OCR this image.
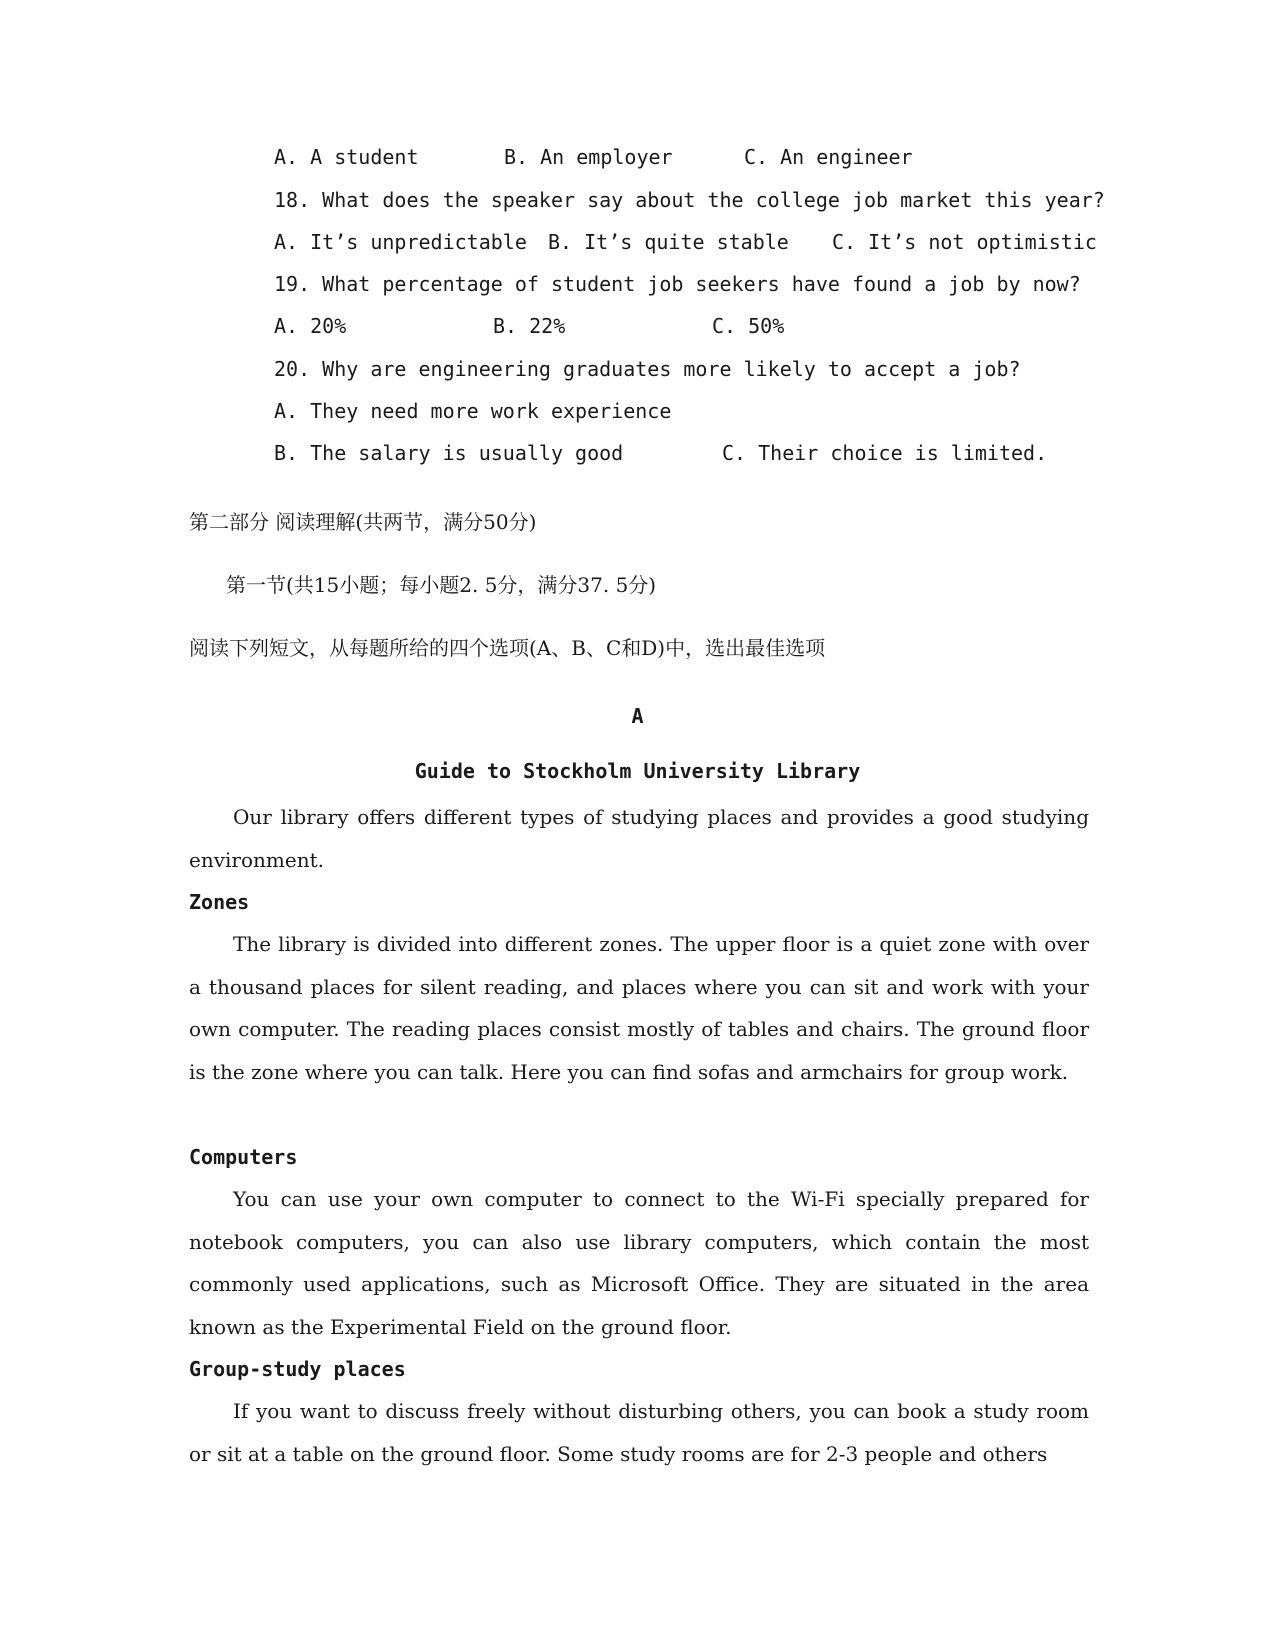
A. A student	B. An employer	C. An engineer
18. What does the speaker say about the college job market this year?
A. It’s unpredictable B. It’s quite stable C. It’s not optimistic
19. What percentage of student job seekers have found a job by now?
A. 20%	B. 22%	C. 50%
20. Why are engineering graduates more likely to accept a job?
A. They need more work experience
B. The salary is usually good	C. Their choice is limited.
第二部分 阅读理解(共两节，满分50分)
第一节(共15小题；每小题2. 5分，满分37. 5分)
阅读下列短文，从每题所给的四个选项(A、B、C和D)中，选出最佳选项
A
Guide to Stockholm University Library

Our library offers different types of studying places and provides a good studying environment.

Zones

The library is divided into different zones. The upper floor is a quiet zone with over a thousand places for silent reading, and places where you can sit and work with your own computer. The reading places consist mostly of tables and chairs. The ground floor is the zone where you can talk. Here you can find sofas and armchairs for group work.

Computers

You can use your own computer to connect to the Wi-Fi specially prepared for notebook computers, you can also use library computers, which contain the most commonly used applications, such as Microsoft Office. They are situated in the area known as the Experimental Field on the ground floor.

Group-study places

If you want to discuss freely without disturbing others, you can book a study room or sit at a table on the ground floor. Some study rooms are for 2-3 people and others
